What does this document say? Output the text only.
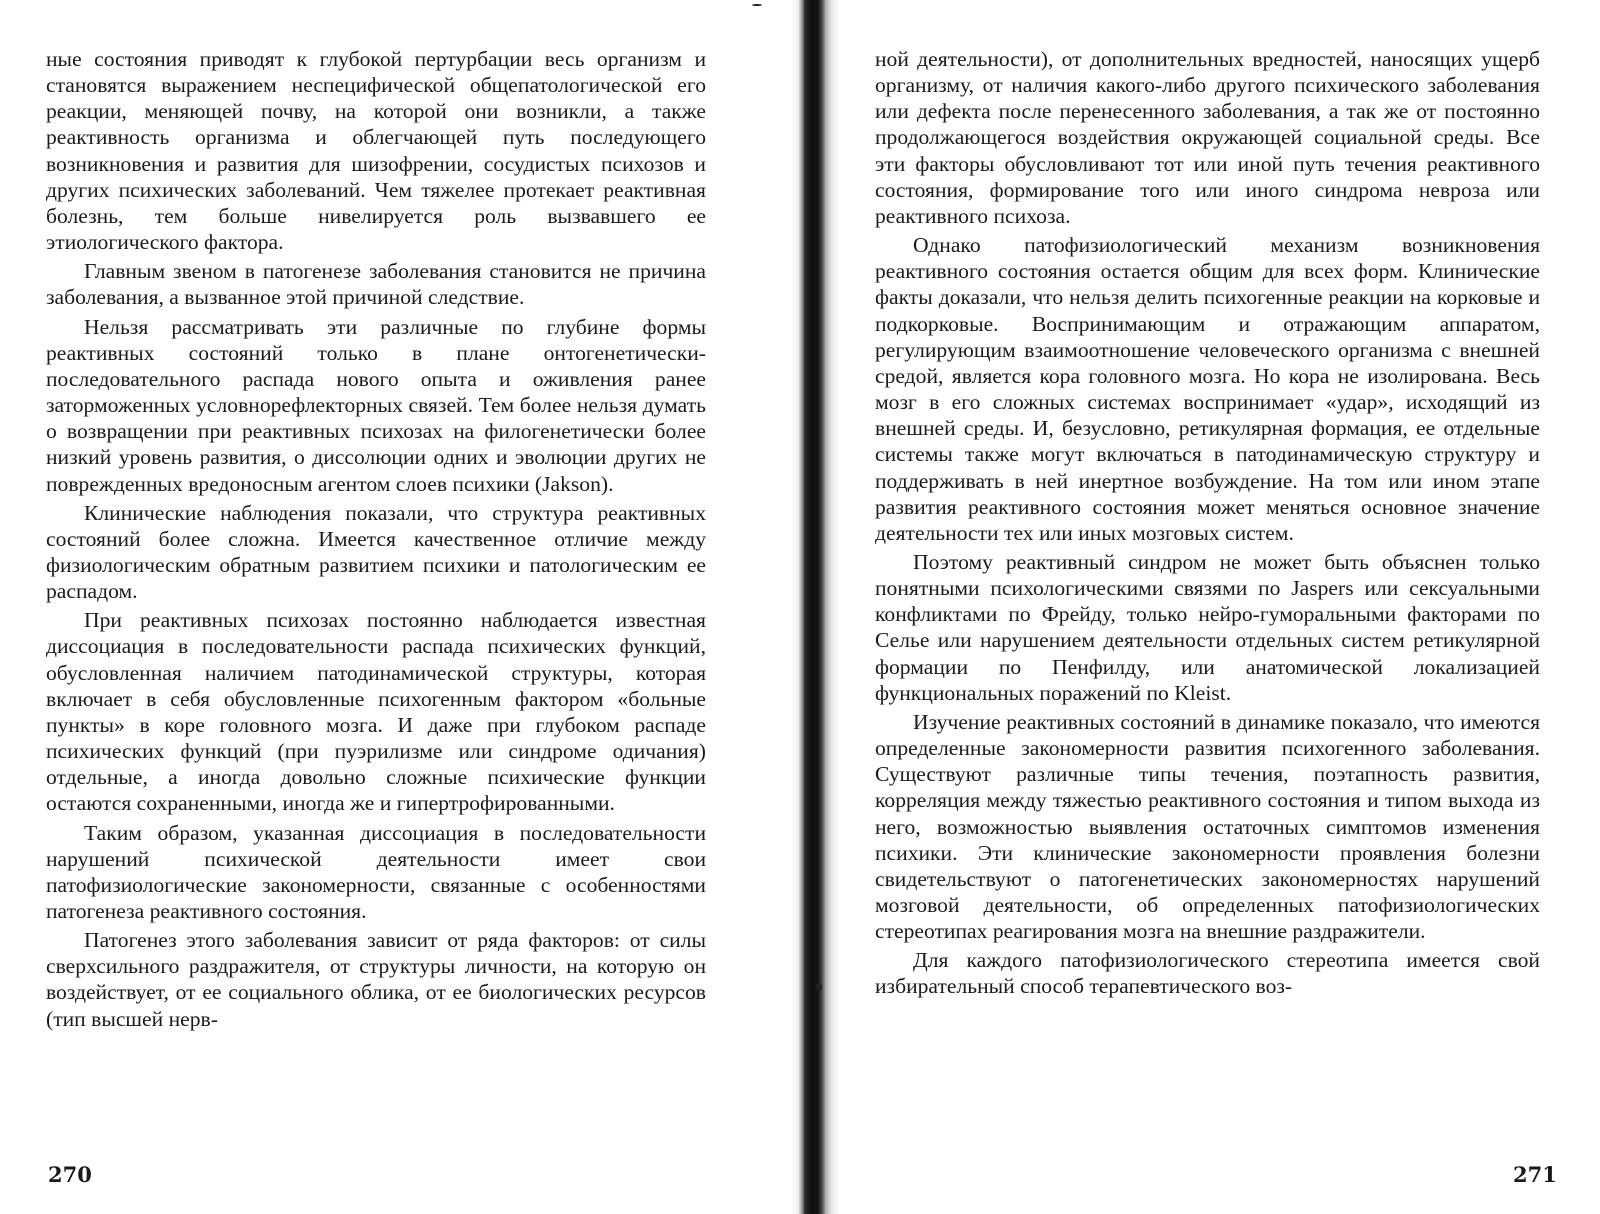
ные состояния приводят к глубокой пертурбации весь организм и становятся выражением неспецифической общепатологической его реакции, меняющей почву, на которой они возникли, а также реактивность организма и облегчающей путь последующего возникновения и развития для шизофрении, сосудистых психозов и других психических заболеваний. Чем тяжелее протекает реактивная болезнь, тем больше нивелируется роль вызвавшего ее этиологического фактора.

Главным звеном в патогенезе заболевания становится не причина заболевания, а вызванное этой причиной следствие.

Нельзя рассматривать эти различные по глубине формы реактивных состояний только в плане онтогенетически-последовательного распада нового опыта и оживления ранее заторможенных условнорефлекторных связей. Тем более нельзя думать о возвращении при реактивных психозах на филогенетически более низкий уровень развития, о диссолюции одних и эволюции других не поврежденных вредоносным агентом слоев психики (Jakson).

Клинические наблюдения показали, что структура реактивных состояний более сложна. Имеется качественное отличие между физиологическим обратным развитием психики и патологическим ее распадом.

При реактивных психозах постоянно наблюдается известная диссоциация в последовательности распада психических функций, обусловленная наличием патодинамической структуры, которая включает в себя обусловленные психогенным фактором «больные пункты» в коре головного мозга. И даже при глубоком распаде психических функций (при пуэрилизме или синдроме одичания) отдельные, а иногда довольно сложные психические функции остаются сохраненными, иногда же и гипертрофированными.

Таким образом, указанная диссоциация в последовательности нарушений психической деятельности имеет свои патофизиологические закономерности, связанные с особенностями патогенеза реактивного состояния.

Патогенез этого заболевания зависит от ряда факторов: от силы сверхсильного раздражителя, от структуры личности, на которую он воздействует, от ее социального облика, от ее биологических ресурсов (тип высшей нерв-

270

ной деятельности), от дополнительных вредностей, наносящих ущерб организму, от наличия какого-либо другого психического заболевания или дефекта после перенесенного заболевания, а так же от постоянно продолжающегося воздействия окружающей социальной среды. Все эти факторы обусловливают тот или иной путь течения реактивного состояния, формирование того или иного синдрома невроза или реактивного психоза.

Однако патофизиологический механизм возникновения реактивного состояния остается общим для всех форм. Клинические факты доказали, что нельзя делить психогенные реакции на корковые и подкорковые. Воспринимающим и отражающим аппаратом, регулирующим взаимоотношение человеческого организма с внешней средой, является кора головного мозга. Но кора не изолирована. Весь мозг в его сложных системах воспринимает «удар», исходящий из внешней среды. И, безусловно, ретикулярная формация, ее отдельные системы также могут включаться в патодинамическую структуру и поддерживать в ней инертное возбуждение. На том или ином этапе развития реактивного состояния может меняться основное значение деятельности тех или иных мозговых систем.

Поэтому реактивный синдром не может быть объяснен только понятными психологическими связями по Jaspers или сексуальными конфликтами по Фрейду, только нейро-гуморальными факторами по Селье или нарушением деятельности отдельных систем ретикулярной формации по Пенфилду, или анатомической локализацией функциональных поражений по Kleist.

Изучение реактивных состояний в динамике показало, что имеются определенные закономерности развития психогенного заболевания. Существуют различные типы течения, поэтапность развития, корреляция между тяжестью реактивного состояния и типом выхода из него, возможностью выявления остаточных симптомов изменения психики. Эти клинические закономерности проявления болезни свидетельствуют о патогенетических закономерностях нарушений мозговой деятельности, об определенных патофизиологических стереотипах реагирования мозга на внешние раздражители.

Для каждого патофизиологического стереотипа имеется свой избирательный способ терапевтического воз-

271
